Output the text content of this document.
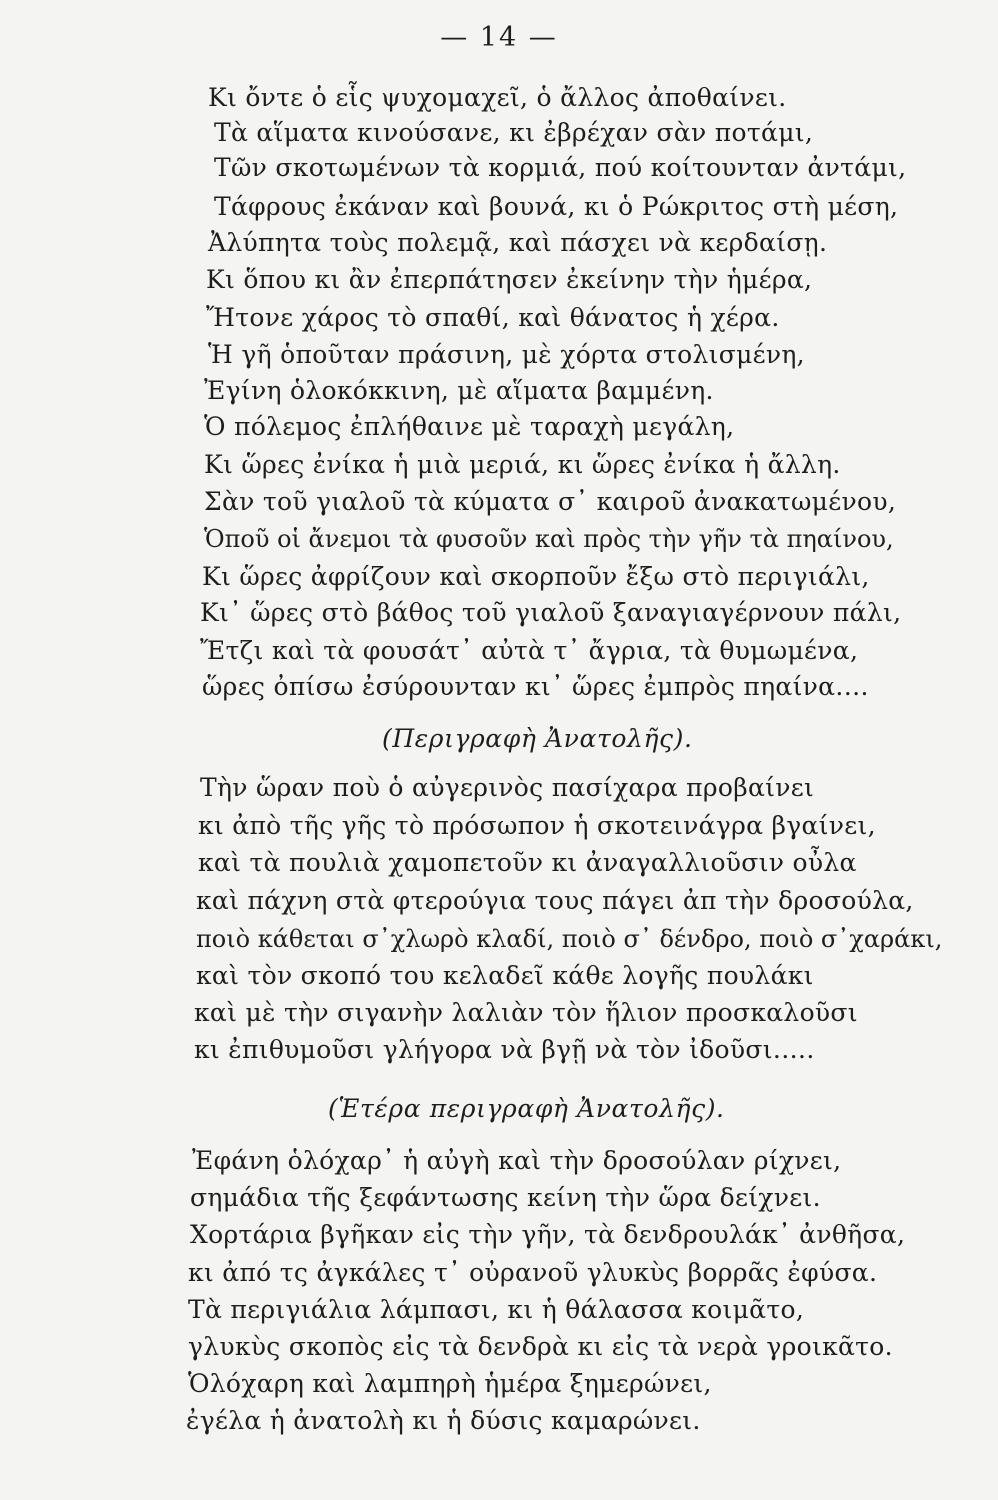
— 14 —
Κι ὄντε ὁ εἷς ψυχομαχεῖ, ὁ ἄλλος ἀποθαίνει.
Τὰ αἵματα κινούσανε, κι ἐβρέχαν σὰν ποτάμι,
Τῶν σκοτωμένων τὰ κορμιά, πού κοίτουνταν ἀντάμι,
Τάφρους ἐκάναν καὶ βουνά, κι ὁ Ρώκριτος στὴ μέση,
Ἀλύπητα τοὺς πολεμᾷ, καὶ πάσχει νὰ κερδαίσῃ.
Κι ὅπου κι ἂν ἐπερπάτησεν ἐκείνην τὴν ἡμέρα,
Ἤτονε χάρος τὸ σπαθί, καὶ θάνατος ἡ χέρα.
Ἡ γῆ ὁποῦταν πράσινη, μὲ χόρτα στολισμένη,
Ἐγίνη ὁλοκόκκινη, μὲ αἵματα βαμμένη.
Ὁ πόλεμος ἐπλήθαινε μὲ ταραχὴ μεγάλη,
Κι ὥρες ἐνίκα ἡ μιὰ μεριά, κι ὥρες ἐνίκα ἡ ἄλλη.
Σὰν τοῦ γιαλοῦ τὰ κύματα σ᾽ καιροῦ ἀνακατωμένου,
Ὁποῦ οἱ ἄνεμοι τὰ φυσοῦν καὶ πρὸς τὴν γῆν τὰ πηαίνου,
Κι ὥρες ἀφρίζουν καὶ σκορποῦν ἔξω στὸ περιγιάλι,
Κι᾽ ὥρες στὸ βάθος τοῦ γιαλοῦ ξαναγιαγέρνουν πάλι,
Ἔτζι καὶ τὰ φουσάτ᾽ αὐτὰ τ᾽ ἄγρια, τὰ θυμωμένα,
ὥρες ὀπίσω ἐσύρουνταν κι᾽ ὥρες ἐμπρὸς πηαίνα.…
(Περιγραφὴ Ἀνατολῆς).
Τὴν ὥραν ποὺ ὁ αὐγερινὸς πασίχαρα προβαίνει
κι ἀπὸ τῆς γῆς τὸ πρόσωπον ἡ σκοτεινάγρα βγαίνει,
καὶ τὰ πουλιὰ χαμοπετοῦν κι ἀναγαλλιοῦσιν οὖλα
καὶ πάχνη στὰ φτερούγια τους πάγει ἀπ τὴν δροσούλα,
ποιὸ κάθεται σ᾽χλωρὸ κλαδί, ποιὸ σ᾽ δένδρο, ποιὸ σ᾽χαράκι,
καὶ τὸν σκοπό του κελαδεῖ κάθε λογῆς πουλάκι
καὶ μὲ τὴν σιγανὴν λαλιὰν τὸν ἥλιον προσκαλοῦσι
κι ἐπιθυμοῦσι γλήγορα νὰ βγῇ νὰ τὸν ἰδοῦσι.….
(Ἑτέρα περιγραφὴ Ἀνατολῆς).
Ἐφάνη ὁλόχαρ᾽ ἡ αὐγὴ καὶ τὴν δροσούλαν ρίχνει,
σημάδια τῆς ξεφάντωσης κείνη τὴν ὥρα δείχνει.
Χορτάρια βγῆκαν εἰς τὴν γῆν, τὰ δενδρουλάκ᾽ ἀνθῆσα,
κι ἀπό τς ἀγκάλες τ᾽ οὐρανοῦ γλυκὺς βορρᾶς ἐφύσα.
Τὰ περιγιάλια λάμπασι, κι ἡ θάλασσα κοιμᾶτο,
γλυκὺς σκοπὸς εἰς τὰ δενδρὰ κι εἰς τὰ νερὰ γροικᾶτο.
Ὁλόχαρη καὶ λαμπηρὴ ἡμέρα ξημερώνει,
ἐγέλα ἡ ἀνατολὴ κι ἡ δύσις καμαρώνει.
